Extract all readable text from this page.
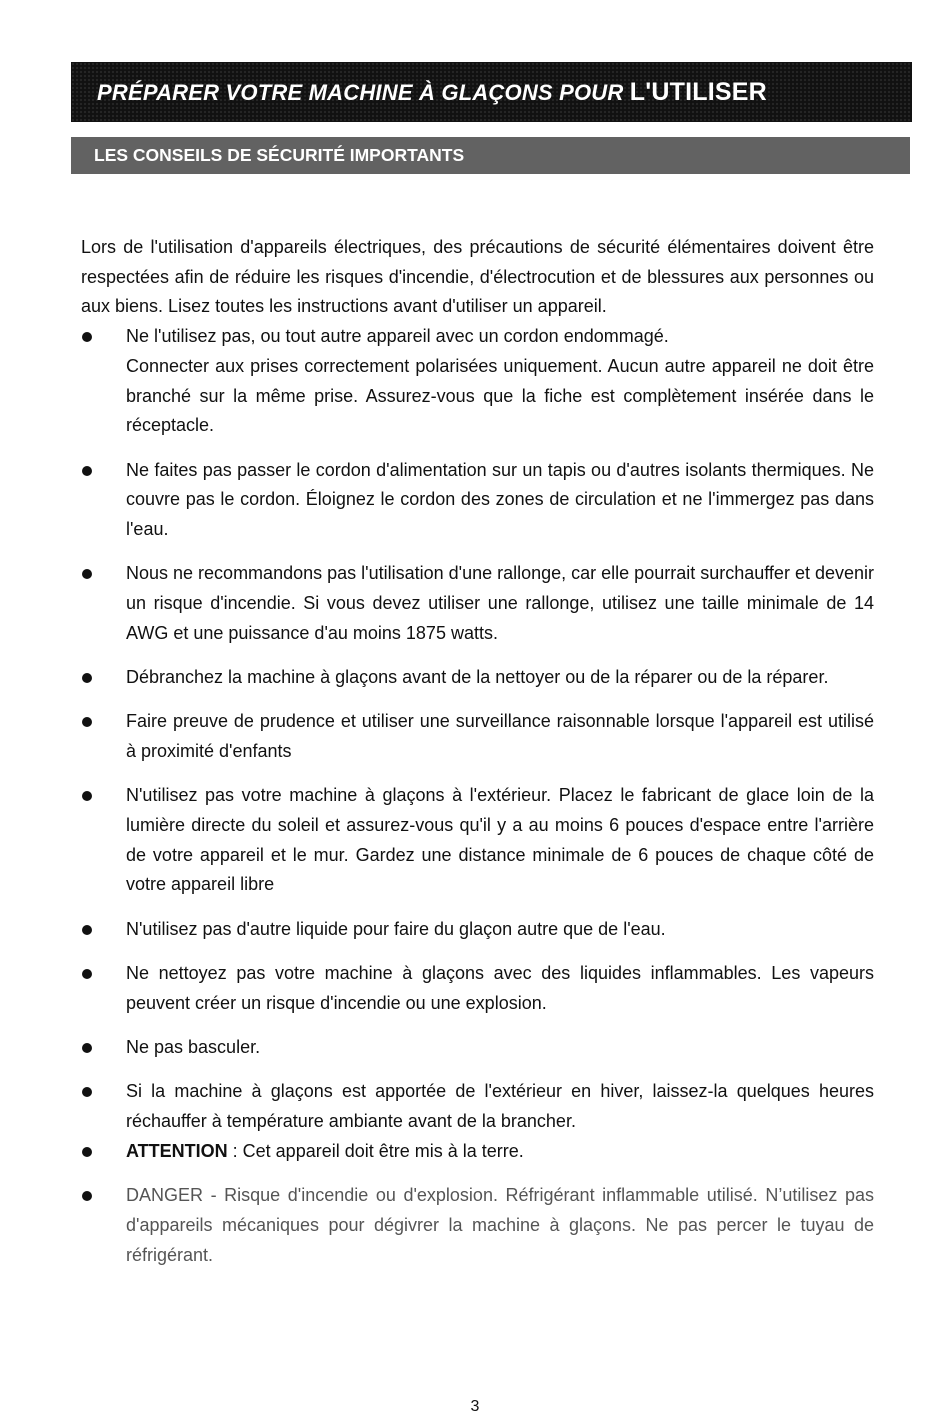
PRÉPARER VOTRE MACHINE À GLAÇONS POUR L'UTILISER
LES CONSEILS DE SÉCURITÉ IMPORTANTS

Lors de l'utilisation d'appareils électriques, des précautions de sécurité élémentaires doivent être respectées afin de réduire les risques d'incendie, d'électrocution et de blessures aux personnes ou aux biens. Lisez toutes les instructions avant d'utiliser un appareil.

Ne l'utilisez pas, ou tout autre appareil avec un cordon endommagé.
Connecter aux prises correctement polarisées uniquement. Aucun autre appareil ne doit être branché sur la même prise. Assurez-vous que la fiche est complètement insérée dans le réceptacle.
Ne faites pas passer le cordon d'alimentation sur un tapis ou d'autres isolants thermiques. Ne couvre pas le cordon. Éloignez le cordon des zones de circulation et ne l'immergez pas dans l'eau.
Nous ne recommandons pas l'utilisation d'une rallonge, car elle pourrait surchauffer et devenir un risque d'incendie. Si vous devez utiliser une rallonge, utilisez une taille minimale de 14 AWG et une puissance d'au moins 1875 watts.
Débranchez la machine à glaçons avant de la nettoyer ou de la réparer ou de la réparer.
Faire preuve de prudence et utiliser une surveillance raisonnable lorsque l'appareil est utilisé à proximité d'enfants
N'utilisez pas votre machine à glaçons à l'extérieur. Placez le fabricant de glace loin de la lumière directe du soleil et assurez-vous qu'il y a au moins 6 pouces d'espace entre l'arrière de votre appareil et le mur. Gardez une distance minimale de 6 pouces de chaque côté de votre appareil libre
N'utilisez pas d'autre liquide pour faire du glaçon autre que de l'eau.
Ne nettoyez pas votre machine à glaçons avec des liquides inflammables. Les vapeurs peuvent créer un risque d'incendie ou une explosion.
Ne pas basculer.
Si la machine à glaçons est apportée de l'extérieur en hiver, laissez-la quelques heures réchauffer à température ambiante avant de la brancher.
ATTENTION : Cet appareil doit être mis à la terre.
DANGER - Risque d'incendie ou d'explosion. Réfrigérant inflammable utilisé. N’utilisez pas d'appareils mécaniques pour dégivrer la machine à glaçons. Ne pas percer le tuyau de réfrigérant.
3
